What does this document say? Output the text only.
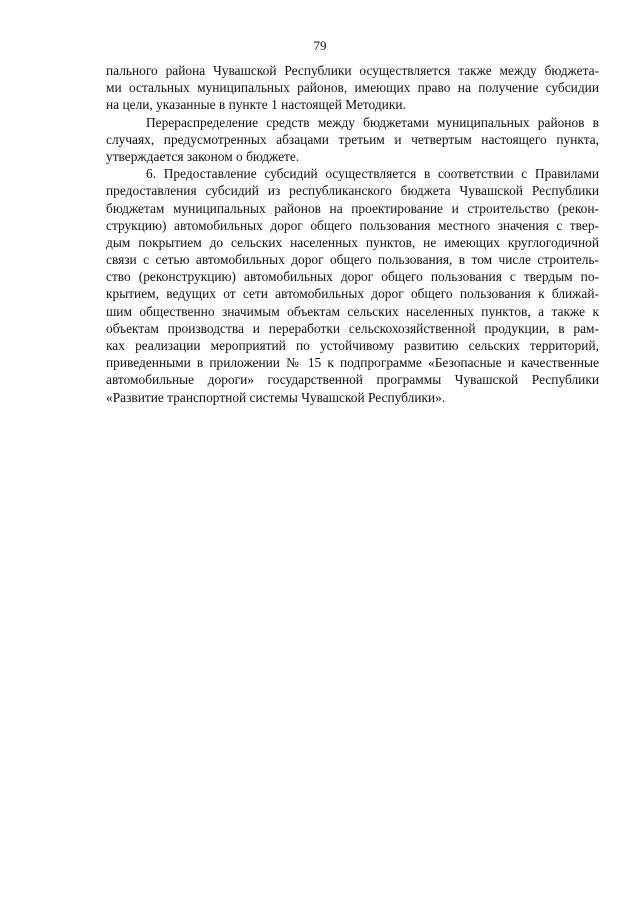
79
пального района Чувашской Республики осуществляется также между бюджета-
ми остальных муниципальных районов, имеющих право на получение субсидии
на цели, указанные в пункте 1 настоящей Методики.
Перераспределение средств между бюджетами муниципальных районов в
случаях, предусмотренных абзацами третьим и четвертым настоящего пункта,
утверждается законом о бюджете.
6. Предоставление субсидий осуществляется в соответствии с Правилами
предоставления субсидий из республиканского бюджета Чувашской Республики
бюджетам муниципальных районов на проектирование и строительство (рекон-
струкцию) автомобильных дорог общего пользования местного значения с твер-
дым покрытием до сельских населенных пунктов, не имеющих круглогодичной
связи с сетью автомобильных дорог общего пользования, в том числе строитель-
ство (реконструкцию) автомобильных дорог общего пользования с твердым по-
крытием, ведущих от сети автомобильных дорог общего пользования к ближай-
шим общественно значимым объектам сельских населенных пунктов, а также к
объектам производства и переработки сельскохозяйственной продукции, в рам-
ках реализации мероприятий по устойчивому развитию сельских территорий,
приведенными в приложении № 15 к подпрограмме «Безопасные и качественные
автомобильные дороги» государственной программы Чувашской Республики
«Развитие транспортной системы Чувашской Республики».
